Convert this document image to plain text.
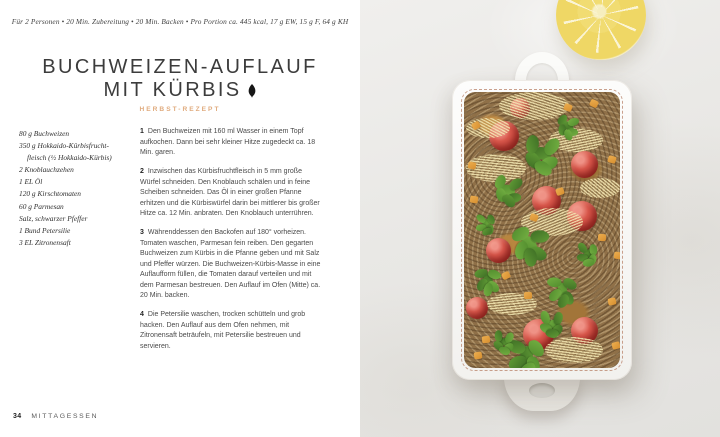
Für 2 Personen • 20 Min. Zubereitung • 20 Min. Backen • Pro Portion ca. 445 kcal, 17 g EW, 15 g F, 64 g KH
BUCHWEIZEN-AUFLAUF
MIT KÜRBIS
HERBST-REZEPT
80 g Buchweizen
350 g Hokkaido-Kürbisfrucht-
fleisch (½ Hokkaido-Kürbis)
2 Knoblauchzehen
1 EL Öl
120 g Kirschtomaten
60 g Parmesan
Salz, schwarzer Pfeffer
1 Bund Petersilie
3 EL Zitronensaft

1 Den Buchweizen mit 160 ml Wasser in einem Topf aufkochen. Dann bei sehr kleiner Hitze zugedeckt ca. 18 Min. garen.

2 Inzwischen das Kürbisfruchtfleisch in 5 mm große Würfel schneiden. Den Knoblauch schälen und in feine Scheiben schneiden. Das Öl in einer großen Pfanne erhitzen und die Kürbiswürfel darin bei mittlerer bis großer Hitze ca. 12 Min. anbraten. Den Knoblauch unterrühren.

3 Währenddessen den Backofen auf 180° vorheizen. Tomaten waschen, Parmesan fein reiben. Den gegarten Buchweizen zum Kürbis in die Pfanne geben und mit Salz und Pfeffer würzen. Die Buchweizen-Kürbis-Masse in eine Auflaufform füllen, die Tomaten darauf verteilen und mit dem Parmesan bestreuen. Den Auflauf im Ofen (Mitte) ca. 20 Min. backen.

4 Die Petersilie waschen, trocken schütteln und grob hacken. Den Auflauf aus dem Ofen nehmen, mit Zitronensaft beträufeln, mit Petersilie bestreuen und servieren.

34 MITTAGESSEN
